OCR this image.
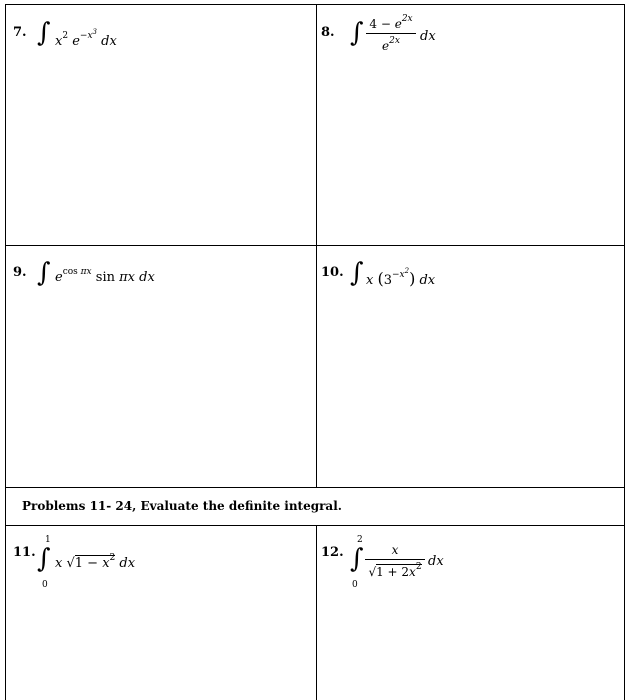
7. ∫ $x^2$ $e^{-x^3}$ dx
8. ∫ $4 - e^{2x}$
$e^{2x}$	dx
9. ∫ $e^{cos \pi x}$ sin πx dx	10. ∫ x $(3^{-x^2})$ dx
Problems 11- 24, Evaluate the definite integral.
11.
1
∫
0
x $√1 - x^2$ dx
12.
2
∫
0
x
$√1 + 2x^2$ dx
